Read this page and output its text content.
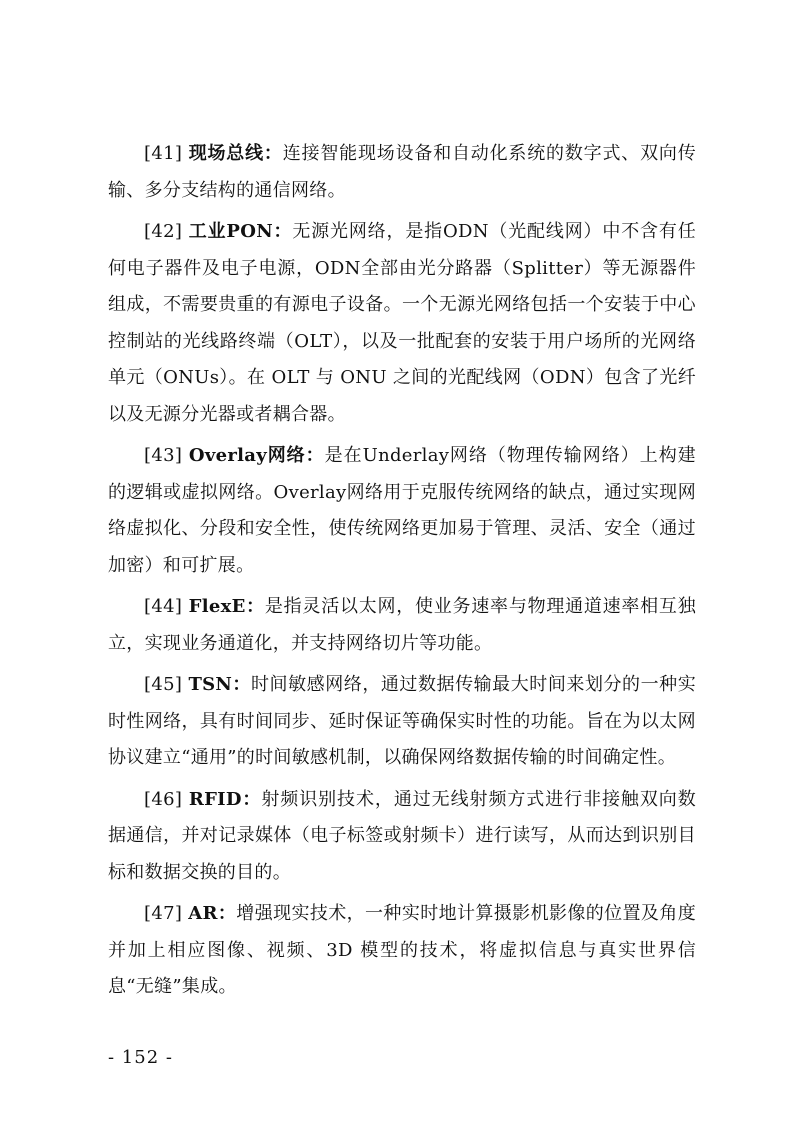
[41] 现场总线：连接智能现场设备和自动化系统的数字式、双向传输、多分支结构的通信网络。

[42] 工业PON：无源光网络，是指ODN（光配线网）中不含有任何电子器件及电子电源，ODN全部由光分路器（Splitter）等无源器件组成，不需要贵重的有源电子设备。一个无源光网络包括一个安装于中心控制站的光线路终端（OLT），以及一批配套的安装于用户场所的光网络单元（ONUs）。在 OLT 与 ONU 之间的光配线网（ODN）包含了光纤以及无源分光器或者耦合器。

[43] Overlay网络：是在Underlay网络（物理传输网络）上构建的逻辑或虚拟网络。Overlay网络用于克服传统网络的缺点，通过实现网络虚拟化、分段和安全性，使传统网络更加易于管理、灵活、安全（通过加密）和可扩展。

[44] FlexE：是指灵活以太网，使业务速率与物理通道速率相互独立，实现业务通道化，并支持网络切片等功能。

[45] TSN：时间敏感网络，通过数据传输最大时间来划分的一种实时性网络，具有时间同步、延时保证等确保实时性的功能。旨在为以太网协议建立“通用”的时间敏感机制，以确保网络数据传输的时间确定性。

[46] RFID：射频识别技术，通过无线射频方式进行非接触双向数据通信，并对记录媒体（电子标签或射频卡）进行读写，从而达到识别目标和数据交换的目的。

[47] AR：增强现实技术，一种实时地计算摄影机影像的位置及角度并加上相应图像、视频、3D 模型的技术，将虚拟信息与真实世界信息“无缝”集成。

- 152 -
